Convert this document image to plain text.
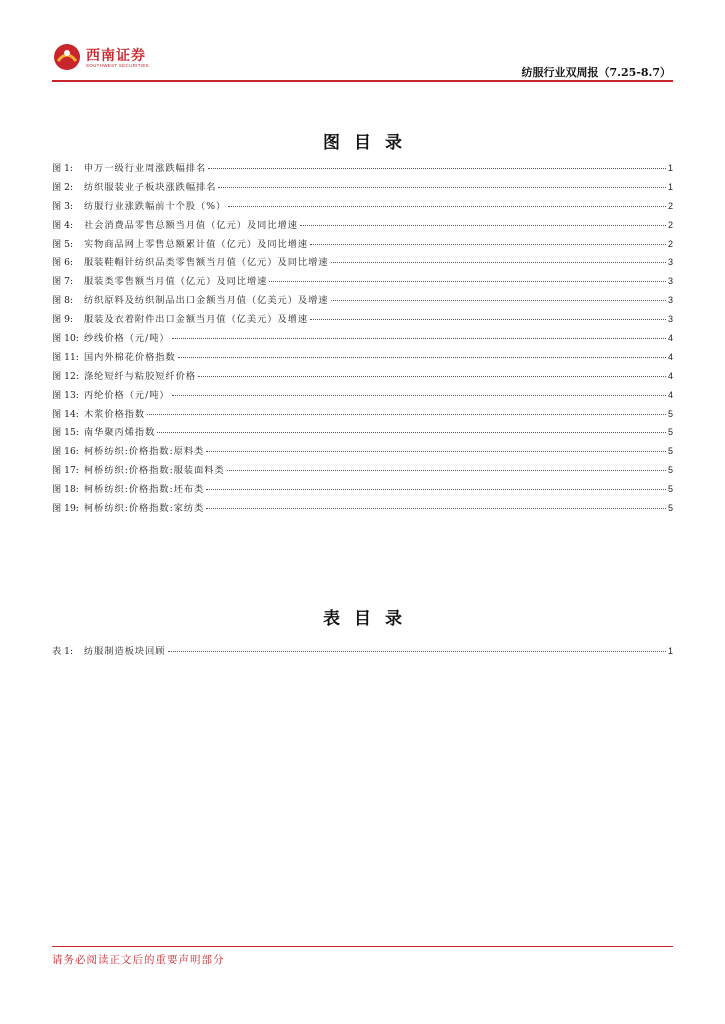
西南证券
SOUTHWEST SECURITIES
纺服行业双周报（7.25-8.7）
图目录
图 1:	申万一级行业周涨跌幅排名	1
图 2:	纺织服装业子板块涨跌幅排名	1
图 3:	纺服行业涨跌幅前十个股（%）	2
图 4:	社会消费品零售总额当月值（亿元）及同比增速	2
图 5:	实物商品网上零售总额累计值（亿元）及同比增速	2
图 6:	服装鞋帽针纺织品类零售额当月值（亿元）及同比增速	3
图 7:	服装类零售额当月值（亿元）及同比增速	3
图 8:	纺织原料及纺织制品出口金额当月值（亿美元）及增速	3
图 9:	服装及衣着附件出口金额当月值（亿美元）及增速	3
图 10: 纱线价格（元/吨）	4
图 11: 国内外棉花价格指数	4
图 12: 涤纶短纤与粘胶短纤价格	4
图 13: 丙纶价格（元/吨）	4
图 14: 木浆价格指数	5
图 15: 南华聚丙烯指数	5
图 16: 柯桥纺织:价格指数:原料类	5
图 17: 柯桥纺织:价格指数:服装面料类	5
图 18: 柯桥纺织:价格指数:坯布类	5
图 19: 柯桥纺织:价格指数:家纺类	5
表目录
表 1:	纺服制造板块回顾	1
请务必阅读正文后的重要声明部分
